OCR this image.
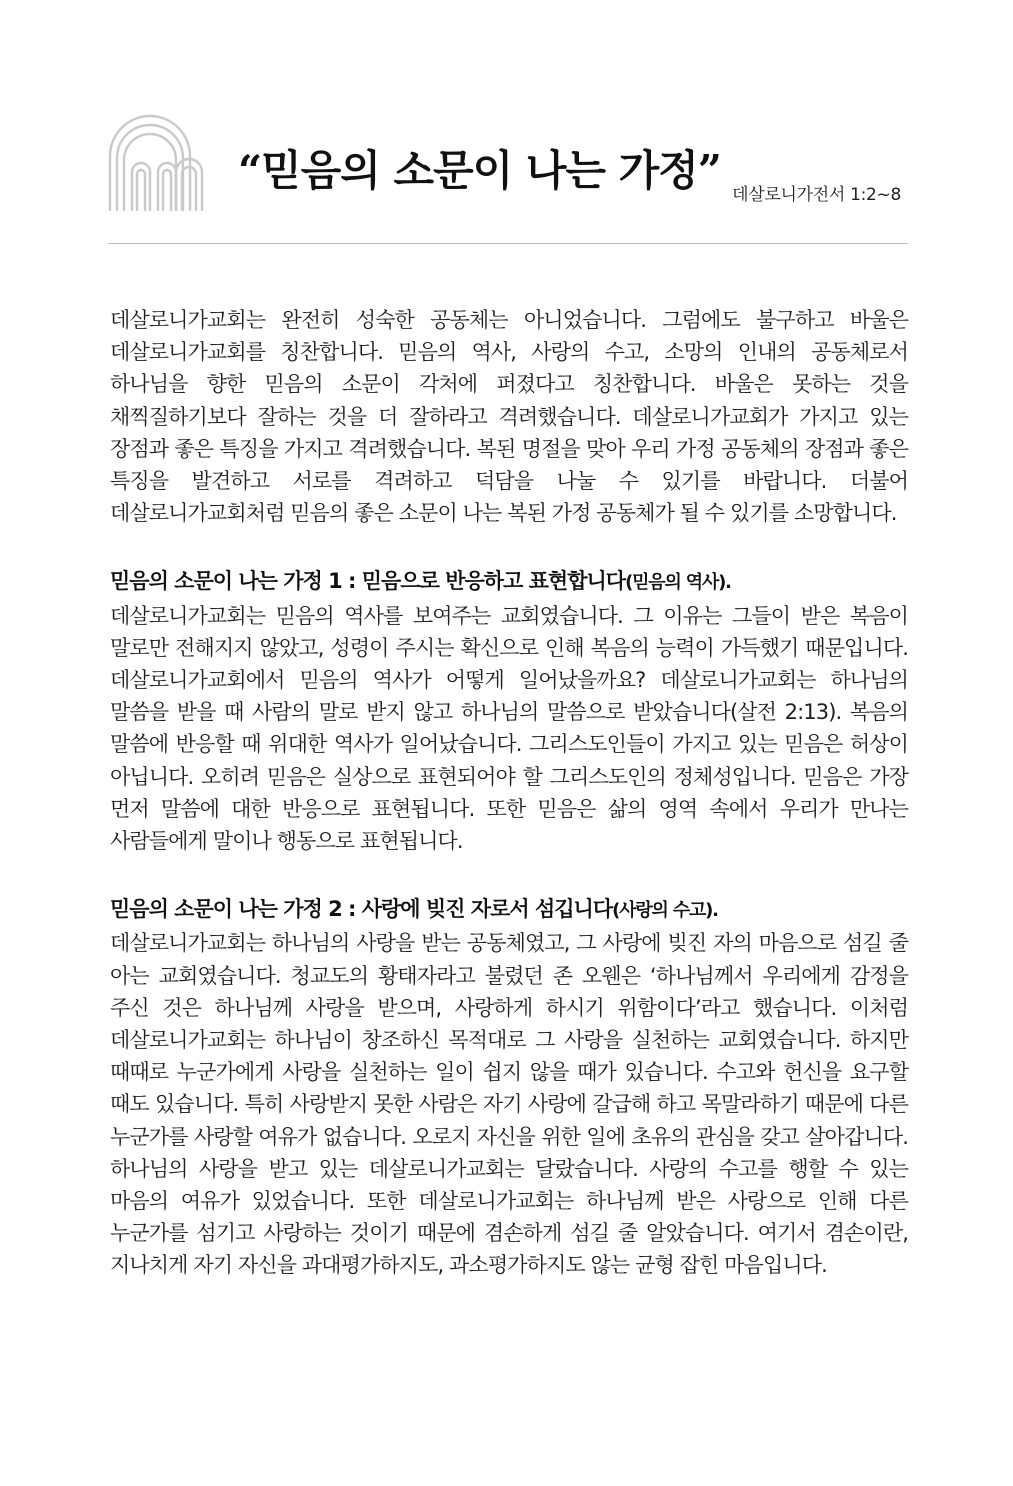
“믿음의 소문이 나는 가정” 데살로니가전서 1:2~8

데살로니가교회는 완전히 성숙한 공동체는 아니었습니다. 그럼에도 불구하고 바울은 데살로니가교회를 칭찬합니다. 믿음의 역사, 사랑의 수고, 소망의 인내의 공동체로서 하나님을 향한 믿음의 소문이 각처에 퍼졌다고 칭찬합니다. 바울은 못하는 것을 채찍질하기보다 잘하는 것을 더 잘하라고 격려했습니다. 데살로니가교회가 가지고 있는 장점과 좋은 특징을 가지고 격려했습니다. 복된 명절을 맞아 우리 가정 공동체의 장점과 좋은 특징을 발견하고 서로를 격려하고 덕담을 나눌 수 있기를 바랍니다. 더불어 데살로니가교회처럼 믿음의 좋은 소문이 나는 복된 가정 공동체가 될 수 있기를 소망합니다.

믿음의 소문이 나는 가정 1 : 믿음으로 반응하고 표현합니다(믿음의 역사).

데살로니가교회는 믿음의 역사를 보여주는 교회였습니다. 그 이유는 그들이 받은 복음이 말로만 전해지지 않았고, 성령이 주시는 확신으로 인해 복음의 능력이 가득했기 때문입니다. 데살로니가교회에서 믿음의 역사가 어떻게 일어났을까요? 데살로니가교회는 하나님의 말씀을 받을 때 사람의 말로 받지 않고 하나님의 말씀으로 받았습니다(살전 2:13). 복음의 말씀에 반응할 때 위대한 역사가 일어났습니다. 그리스도인들이 가지고 있는 믿음은 허상이 아닙니다. 오히려 믿음은 실상으로 표현되어야 할 그리스도인의 정체성입니다. 믿음은 가장 먼저 말씀에 대한 반응으로 표현됩니다. 또한 믿음은 삶의 영역 속에서 우리가 만나는 사람들에게 말이나 행동으로 표현됩니다.

믿음의 소문이 나는 가정 2 : 사랑에 빚진 자로서 섬깁니다(사랑의 수고).

데살로니가교회는 하나님의 사랑을 받는 공동체였고, 그 사랑에 빚진 자의 마음으로 섬길 줄 아는 교회였습니다. 청교도의 황태자라고 불렸던 존 오웬은 ‘하나님께서 우리에게 감정을 주신 것은 하나님께 사랑을 받으며, 사랑하게 하시기 위함이다’라고 했습니다. 이처럼 데살로니가교회는 하나님이 창조하신 목적대로 그 사랑을 실천하는 교회였습니다. 하지만 때때로 누군가에게 사랑을 실천하는 일이 쉽지 않을 때가 있습니다. 수고와 헌신을 요구할 때도 있습니다. 특히 사랑받지 못한 사람은 자기 사랑에 갈급해 하고 목말라하기 때문에 다른 누군가를 사랑할 여유가 없습니다. 오로지 자신을 위한 일에 초유의 관심을 갖고 살아갑니다. 하나님의 사랑을 받고 있는 데살로니가교회는 달랐습니다. 사랑의 수고를 행할 수 있는 마음의 여유가 있었습니다. 또한 데살로니가교회는 하나님께 받은 사랑으로 인해 다른 누군가를 섬기고 사랑하는 것이기 때문에 겸손하게 섬길 줄 알았습니다. 여기서 겸손이란, 지나치게 자기 자신을 과대평가하지도, 과소평가하지도 않는 균형 잡힌 마음입니다.
